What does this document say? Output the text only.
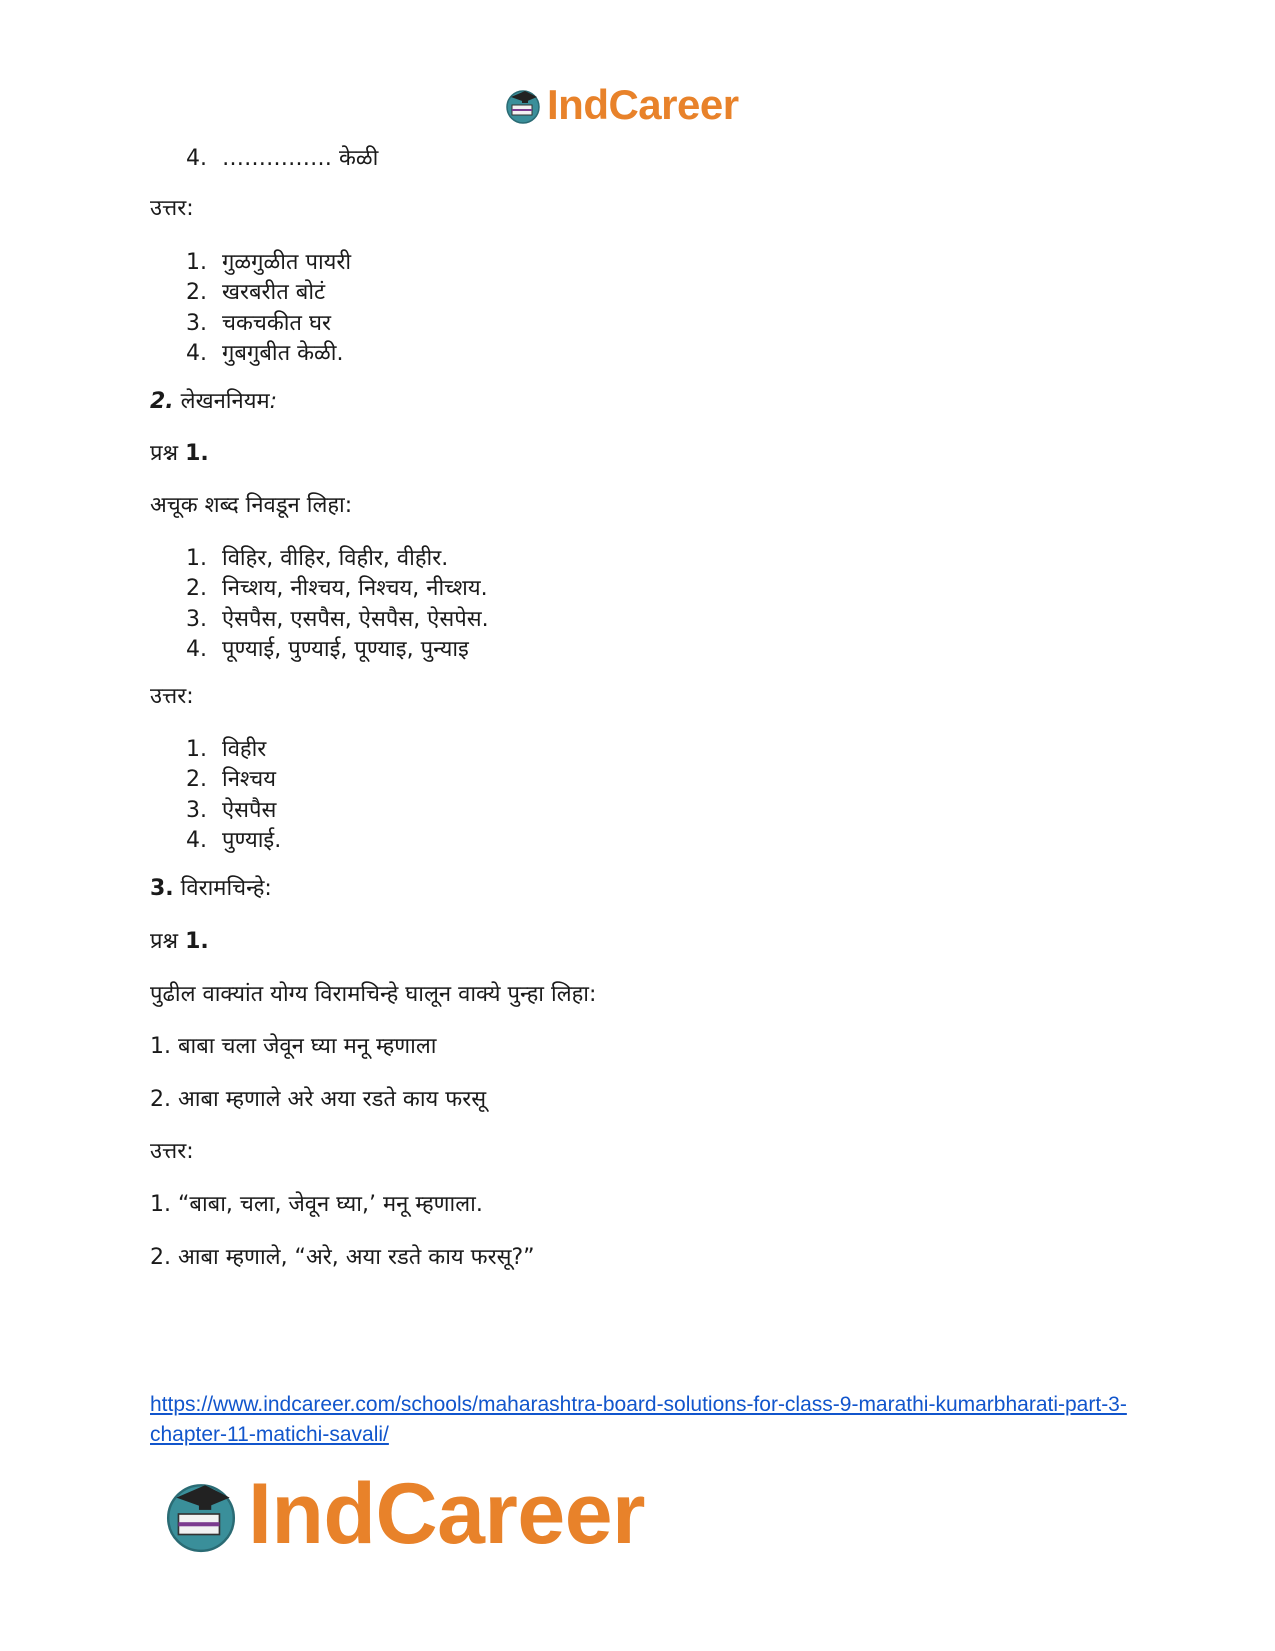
IndCareer
4. …………… केळी
उत्तर:
1. गुळगुळीत पायरी
2. खरबरीत बोटं
3. चकचकीत घर
4. गुबगुबीत केळी.
2. लेखननियम:
प्रश्न 1.
अचूक शब्द निवडून लिहा:
1. विहिर, वीहिर, विहीर, वीहीर.
2. निच्शय, नीश्चय, निश्चय, नीच्शय.
3. ऐसपैस, एसपैस, ऐसपैस, ऐसपेस.
4. पूण्याई, पुण्याई, पूण्याइ, पुन्याइ
उत्तर:
1. विहीर
2. निश्चय
3. ऐसपैस
4. पुण्याई.
3. विरामचिन्हे:
प्रश्न 1.
पुढील वाक्यांत योग्य विरामचिन्हे घालून वाक्ये पुन्हा लिहा:
1. बाबा चला जेवून घ्या मनू म्हणाला
2. आबा म्हणाले अरे अया रडते काय फरसू
उत्तर:
1. “बाबा, चला, जेवून घ्या,’ मनू म्हणाला.
2. आबा म्हणाले, “अरे, अया रडते काय फरसू?”
https://www.indcareer.com/schools/maharashtra-board-solutions-for-class-9-marathi-kumarbharati-part-3-chapter-11-matichi-savali/
IndCareer
